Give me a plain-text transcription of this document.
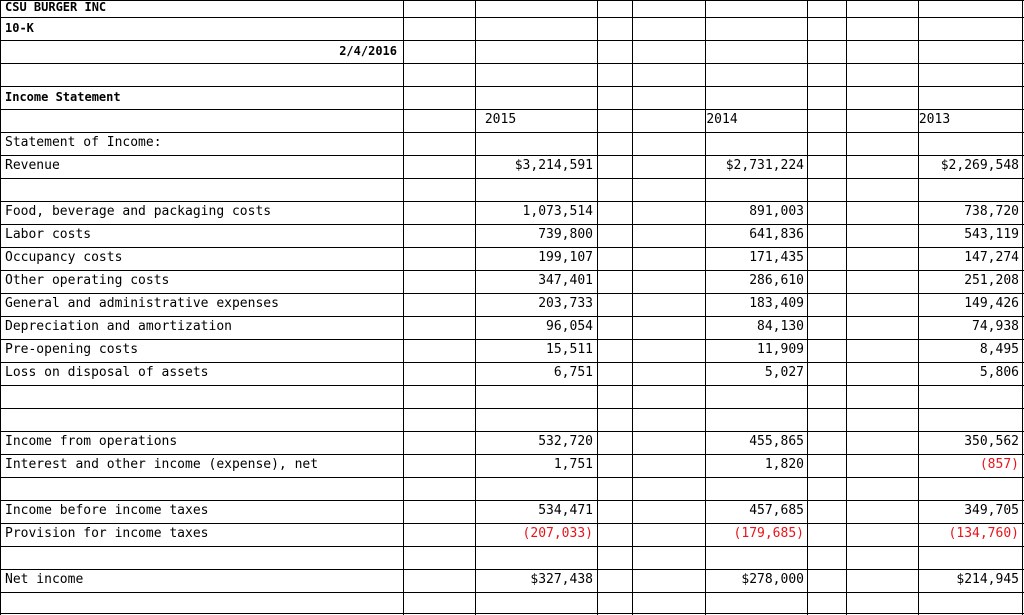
CSU BURGER INC
10-K
2/4/2016
Income Statement
2015	2014	2013
Statement of Income:
Revenue	$3,214,591	$2,731,224	$2,269,548
Food, beverage and packaging costs	1,073,514	891,003	738,720
Labor costs	739,800	641,836	543,119
Occupancy costs	199,107	171,435	147,274
Other operating costs	347,401	286,610	251,208
General and administrative expenses	203,733	183,409	149,426
Depreciation and amortization	96,054	84,130	74,938
Pre-opening costs	15,511	11,909	8,495
Loss on disposal of assets	6,751	5,027	5,806
Income from operations	532,720	455,865	350,562
Interest and other income (expense), net	1,751	1,820	(857)
Income before income taxes	534,471	457,685	349,705
Provision for income taxes	(207,033)	(179,685)	(134,760)
Net income	$327,438	$278,000	$214,945
